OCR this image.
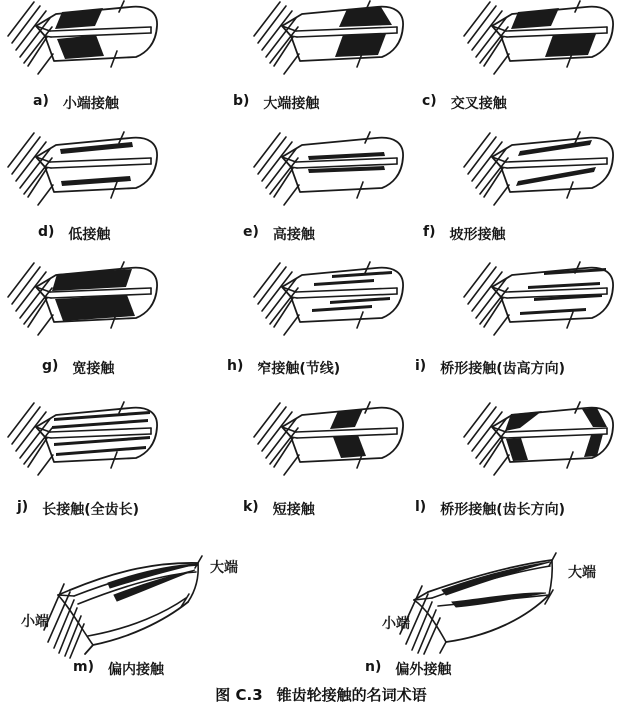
a) 小端接触	b) 大端接触	c) 交叉接触
d) 低接触	e) 高接触	f) 坡形接触
g) 宽接触	h) 窄接触(节线)	i) 桥形接触(齿高方向)
j) 长接触(全齿长)	k) 短接触	l) 桥形接触(齿长方向)
小端
大端
小端
大端
m) 偏内接触	n) 偏外接触
图 C.3 锥齿轮接触的名词术语
